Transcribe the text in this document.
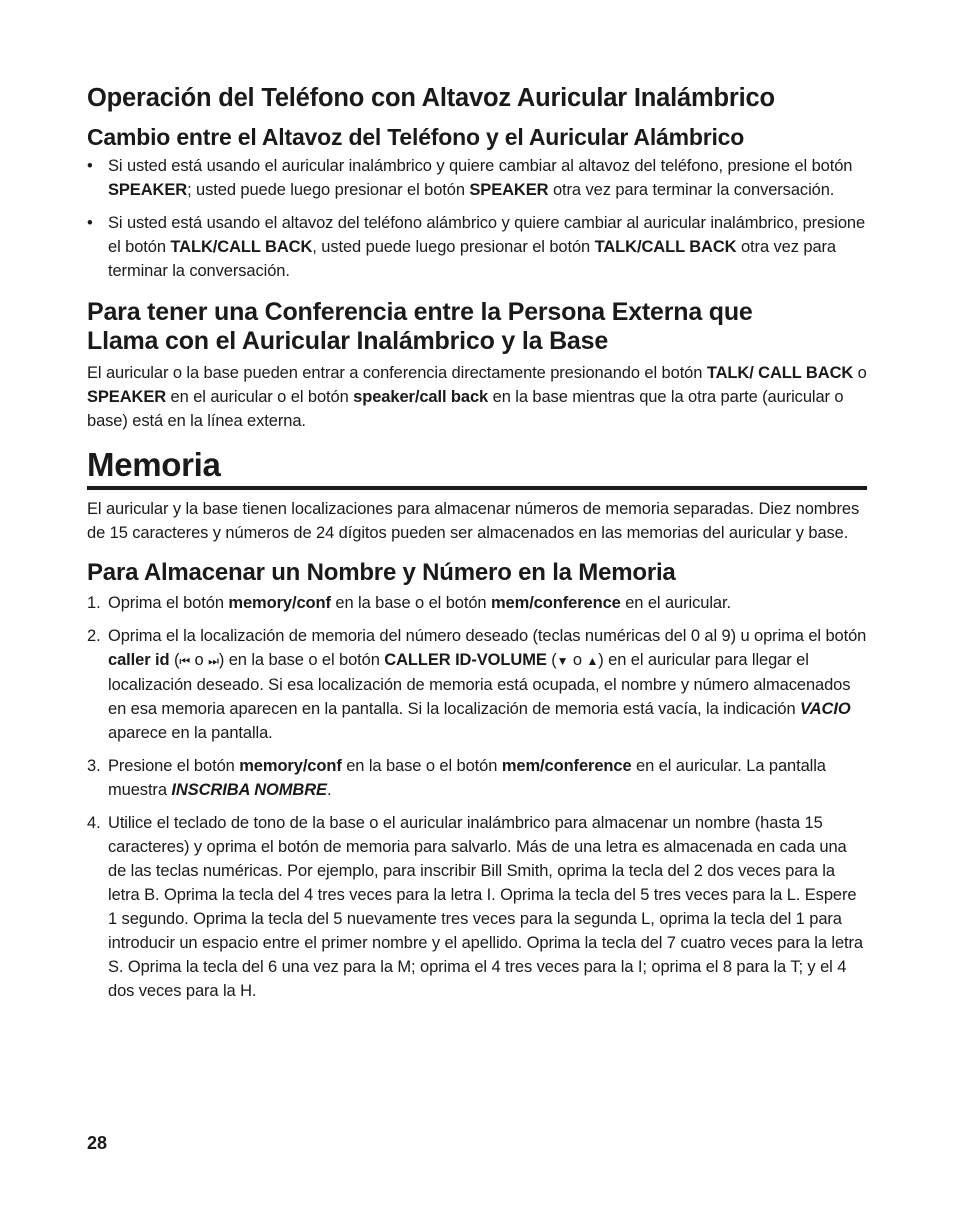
Operación del Teléfono con Altavoz Auricular Inalámbrico
Cambio entre el Altavoz del Teléfono y el Auricular Alámbrico
• Si usted está usando el auricular inalámbrico y quiere cambiar al altavoz del teléfono, presione el botón SPEAKER; usted puede luego presionar el botón SPEAKER otra vez para terminar la conversación.
• Si usted está usando el altavoz del teléfono alámbrico y quiere cambiar al auricular inalámbrico, presione el botón TALK/CALL BACK, usted puede luego presionar el botón TALK/CALL BACK otra vez para terminar la conversación.
Para tener una Conferencia entre la Persona Externa que
Llama con el Auricular Inalámbrico y la Base

El auricular o la base pueden entrar a conferencia directamente presionando el botón TALK/ CALL BACK o SPEAKER en el auricular o el botón speaker/call back en la base mientras que la otra parte (auricular o base) está en la línea externa.

Memoria

El auricular y la base tienen localizaciones para almacenar números de memoria separadas. Diez nombres de 15 caracteres y números de 24 dígitos pueden ser almacenados en las memorias del auricular y base.

Para Almacenar un Nombre y Número en la Memoria
1. Oprima el botón memory/conf en la base o el botón mem/conference en el auricular.
2. Oprima el la localización de memoria del número deseado (teclas numéricas del 0 al 9) u oprima el botón caller id (⏮ o ⏭) en la base o el botón CALLER ID-VOLUME (▼ o ▲) en el auricular para llegar el localización deseado. Si esa localización de memoria está ocupada, el nombre y número almacenados en esa memoria aparecen en la pantalla. Si la localización de memoria está vacía, la indicación VACIO aparece en la pantalla.
3. Presione el botón memory/conf en la base o el botón mem/conference en el auricular. La pantalla muestra INSCRIBA NOMBRE.
4. Utilice el teclado de tono de la base o el auricular inalámbrico para almacenar un nombre (hasta 15 caracteres) y oprima el botón de memoria para salvarlo. Más de una letra es almacenada en cada una de las teclas numéricas. Por ejemplo, para inscribir Bill Smith, oprima la tecla del 2 dos veces para la letra B. Oprima la tecla del 4 tres veces para la letra I. Oprima la tecla del 5 tres veces para la L. Espere 1 segundo. Oprima la tecla del 5 nuevamente tres veces para la segunda L, oprima la tecla del 1 para introducir un espacio entre el primer nombre y el apellido. Oprima la tecla del 7 cuatro veces para la letra S. Oprima la tecla del 6 una vez para la M; oprima el 4 tres veces para la I; oprima el 8 para la T; y el 4 dos veces para la H.
28
